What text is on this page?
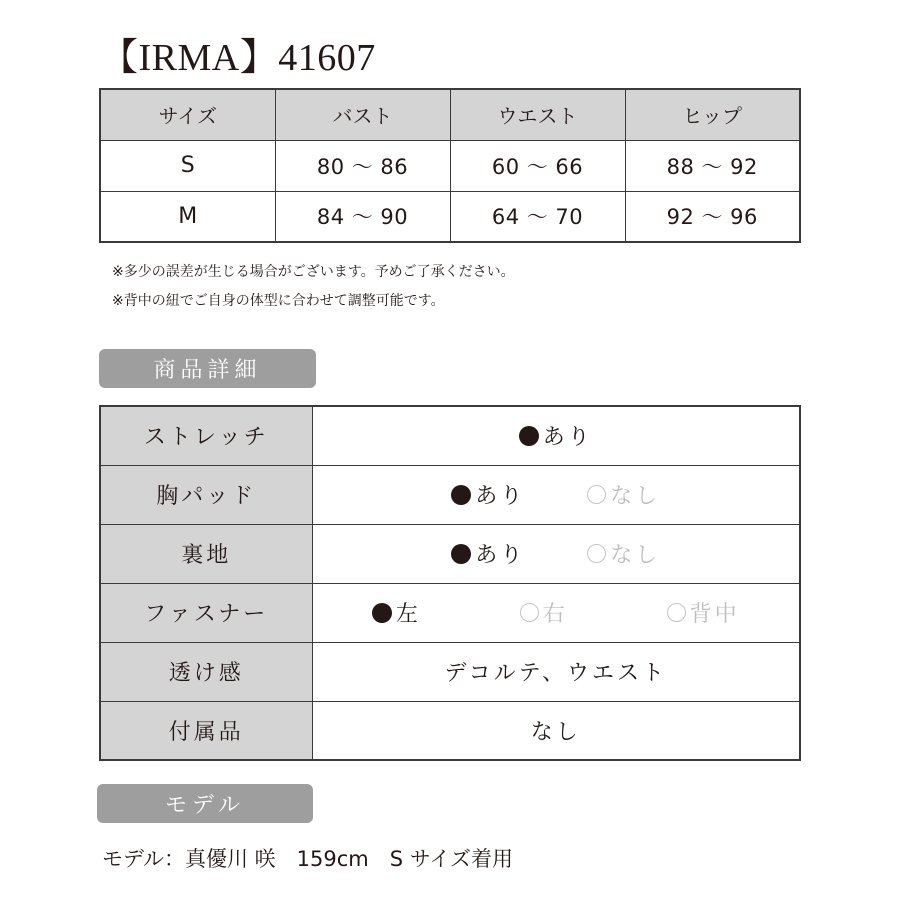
【IRMA】41607
サイズ	バスト	ウエスト	ヒップ
S	80 〜 86	60 〜 66	88 〜 92
M	84 〜 90	64 〜 70	92 〜 96
※多少の誤差が生じる場合がございます。予めご了承ください。
※背中の紐でご自身の体型に合わせて調整可能です。
商品詳細
ストレッチ	あり

胸パッド	あり なし

裏地	あり なし

ファスナー	左 右 背中

透け感	デコルテ、ウエスト
付属品	なし
モデル
モデル：真優川 咲　159cm　S サイズ着用
